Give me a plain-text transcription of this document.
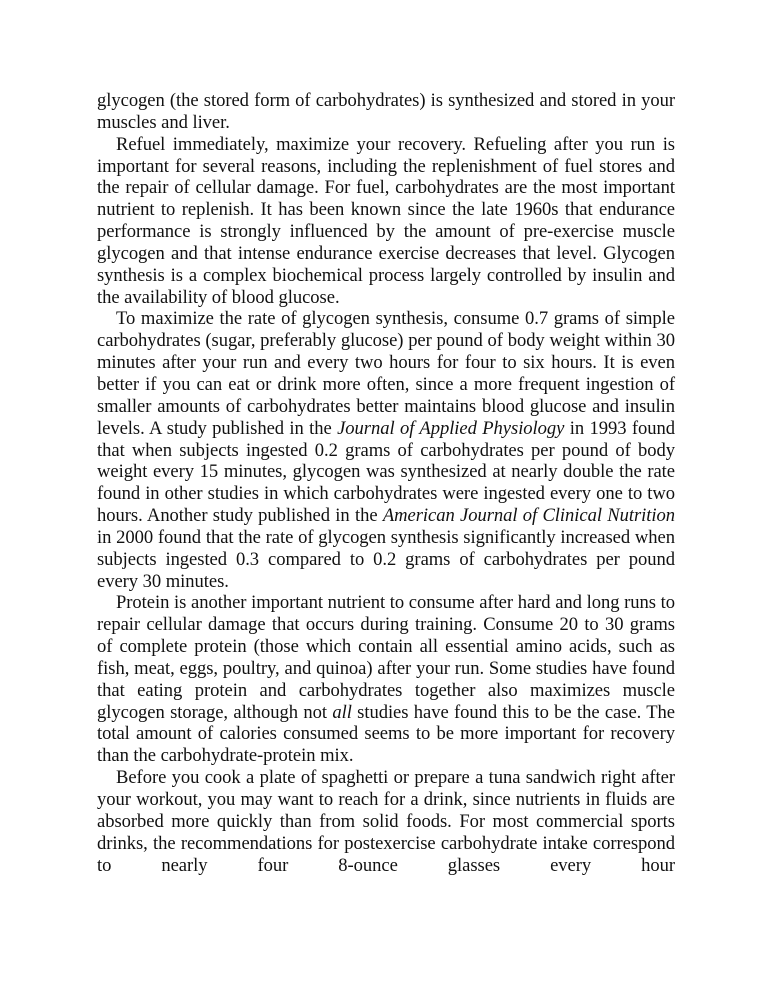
glycogen (the stored form of carbohydrates) is synthesized and stored in your muscles and liver.

Refuel immediately, maximize your recovery. Refueling after you run is important for several reasons, including the replenishment of fuel stores and the repair of cellular damage. For fuel, carbohydrates are the most important nutrient to replenish. It has been known since the late 1960s that endurance performance is strongly influenced by the amount of pre-exercise muscle glycogen and that intense endurance exercise decreases that level. Glycogen synthesis is a complex biochemical process largely controlled by insulin and the availability of blood glucose.

To maximize the rate of glycogen synthesis, consume 0.7 grams of simple carbohydrates (sugar, preferably glucose) per pound of body weight within 30 minutes after your run and every two hours for four to six hours. It is even better if you can eat or drink more often, since a more frequent ingestion of smaller amounts of carbohydrates better maintains blood glucose and insulin levels. A study published in the Journal of Applied Physiology in 1993 found that when subjects ingested 0.2 grams of carbohydrates per pound of body weight every 15 minutes, glycogen was synthesized at nearly double the rate found in other studies in which carbohydrates were ingested every one to two hours. Another study published in the American Journal of Clinical Nutrition in 2000 found that the rate of glycogen synthesis significantly increased when subjects ingested 0.3 compared to 0.2 grams of carbohydrates per pound every 30 minutes.

Protein is another important nutrient to consume after hard and long runs to repair cellular damage that occurs during training. Consume 20 to 30 grams of complete protein (those which contain all essential amino acids, such as fish, meat, eggs, poultry, and quinoa) after your run. Some studies have found that eating protein and carbohydrates together also maximizes muscle glycogen storage, although not all studies have found this to be the case. The total amount of calories consumed seems to be more important for recovery than the carbohydrate-protein mix.

Before you cook a plate of spaghetti or prepare a tuna sandwich right after your workout, you may want to reach for a drink, since nutrients in fluids are absorbed more quickly than from solid foods. For most commercial sports drinks, the recommendations for postexercise carbohydrate intake correspond to nearly four 8-ounce glasses every hour
